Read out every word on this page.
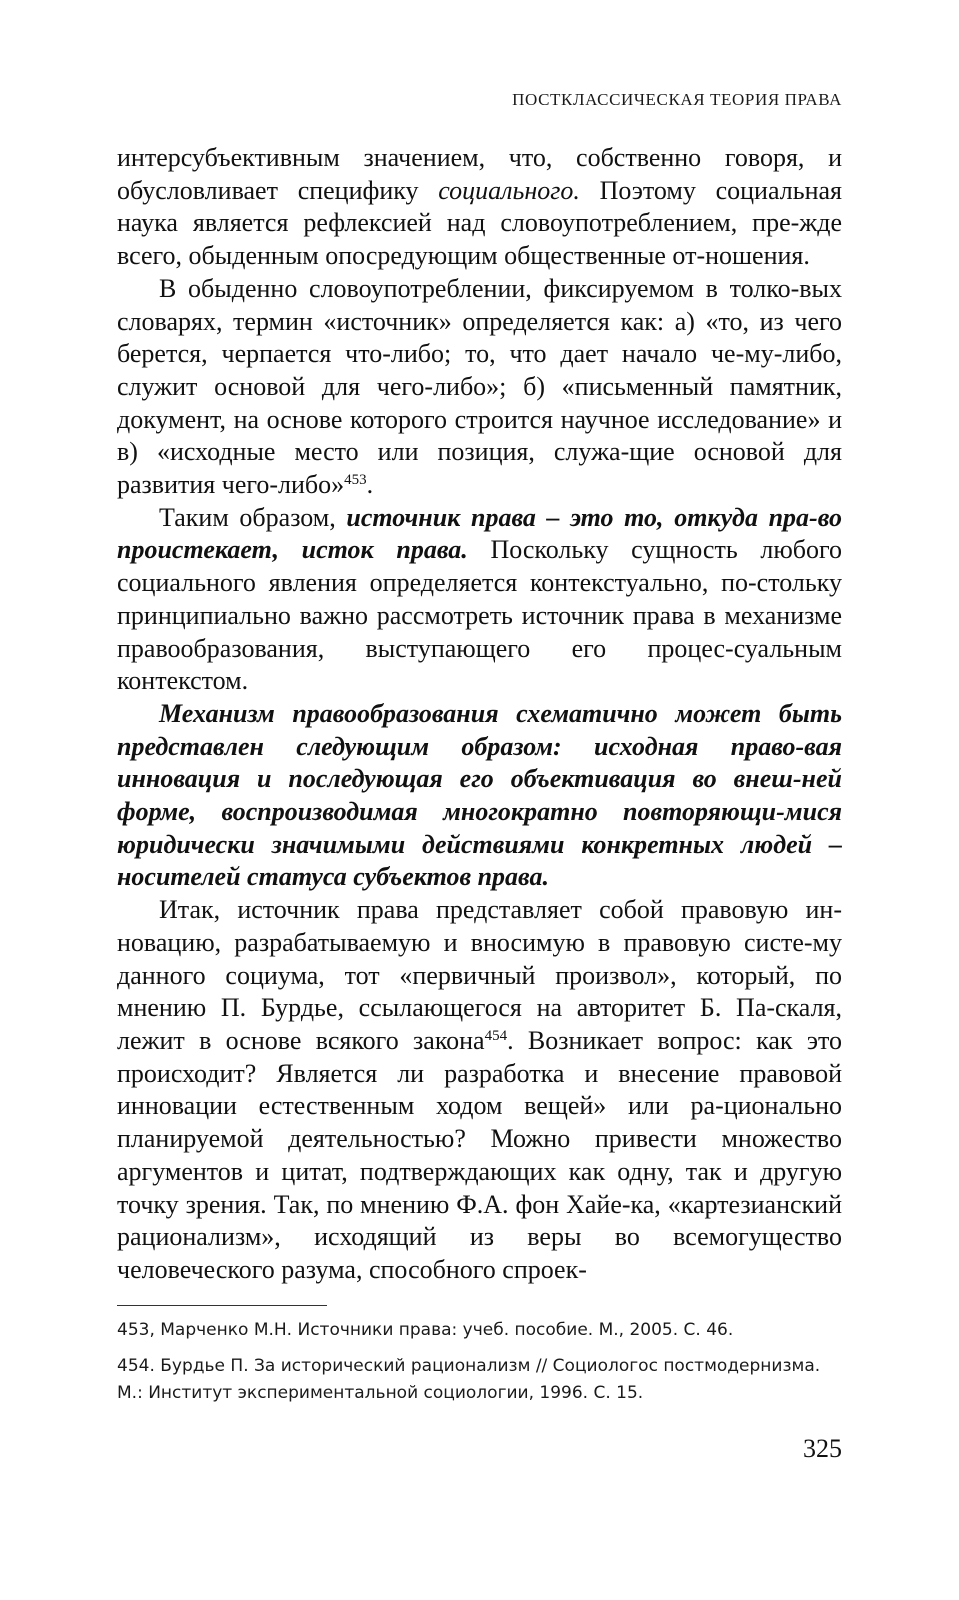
ПОСТКЛАССИЧЕСКАЯ ТЕОРИЯ ПРАВА

интерсубъективным значением, что, собственно говоря, и обусловливает специфику социального. Поэтому социальная наука является рефлексией над словоупотреблением, пре-жде всего, обыденным опосредующим общественные от-ношения.

В обыденно словоупотреблении, фиксируемом в толко-вых словарях, термин «источник» определяется как: а) «то, из чего берется, черпается что-либо; то, что дает начало че-му-либо, служит основой для чего-либо»; б) «письменный памятник, документ, на основе которого строится научное исследование» и в) «исходные место или позиция, служа-щие основой для развития чего-либо»$^{453}$.

Таким образом, источник права – это то, откуда пра-во проистекает, исток права. Поскольку сущность любого социального явления определяется контекстуально, по-стольку принципиально важно рассмотреть источник права в механизме правообразования, выступающего его процес-суальным контекстом.

Механизм правообразования схематично может быть представлен следующим образом: исходная право-вая инновация и последующая его объективация во внеш-ней форме, воспроизводимая многократно повторяющи-мися юридически значимыми действиями конкретных людей – носителей статуса субъектов права.

Итак, источник права представляет собой правовую ин-новацию, разрабатываемую и вносимую в правовую систе-му данного социума, тот «первичный произвол», который, по мнению П. Бурдье, ссылающегося на авторитет Б. Па-скаля, лежит в основе всякого закона$^{454}$. Возникает вопрос: как это происходит? Является ли разработка и внесение правовой инновации естественным ходом вещей» или ра-ционально планируемой деятельностью? Можно привести множество аргументов и цитат, подтверждающих как одну, так и другую точку зрения. Так, по мнению Ф.А. фон Хайе-ка, «картезианский рационализм», исходящий из веры во всемогущество человеческого разума, способного спроек-

453, Марченко М.Н. Источники права: учеб. пособие. М., 2005. С. 46.

454. Бурдье П. За исторический рационализм // Социологос постмодернизма. М.: Институт экспериментальной социологии, 1996. С. 15.

325
